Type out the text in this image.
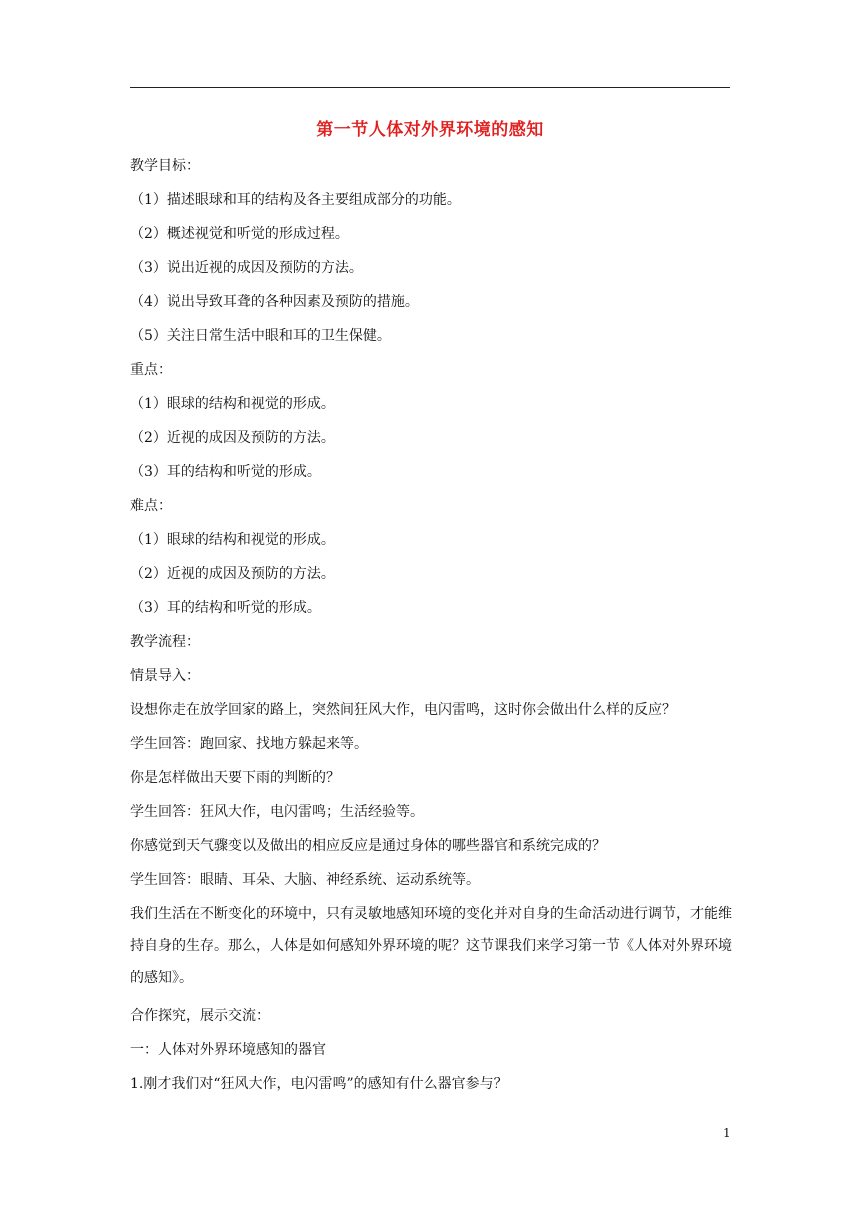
第一节人体对外界环境的感知
教学目标：
（1）描述眼球和耳的结构及各主要组成部分的功能。
（2）概述视觉和听觉的形成过程。
（3）说出近视的成因及预防的方法。
（4）说出导致耳聋的各种因素及预防的措施。
（5）关注日常生活中眼和耳的卫生保健。
重点：
（1）眼球的结构和视觉的形成。
（2）近视的成因及预防的方法。
（3）耳的结构和听觉的形成。
难点：
（1）眼球的结构和视觉的形成。
（2）近视的成因及预防的方法。
（3）耳的结构和听觉的形成。
教学流程：
情景导入：
设想你走在放学回家的路上，突然间狂风大作，电闪雷鸣，这时你会做出什么样的反应？
学生回答：跑回家、找地方躲起来等。
你是怎样做出天要下雨的判断的？
学生回答：狂风大作，电闪雷鸣；生活经验等。
你感觉到天气骤变以及做出的相应反应是通过身体的哪些器官和系统完成的？
学生回答：眼睛、耳朵、大脑、神经系统、运动系统等。
我们生活在不断变化的环境中，只有灵敏地感知环境的变化并对自身的生命活动进行调节，才能维持自身的生存。那么，人体是如何感知外界环境的呢？这节课我们来学习第一节《人体对外界环境的感知》。
合作探究，展示交流：
一：人体对外界环境感知的器官
1.刚才我们对“狂风大作，电闪雷鸣”的感知有什么器官参与？
1
